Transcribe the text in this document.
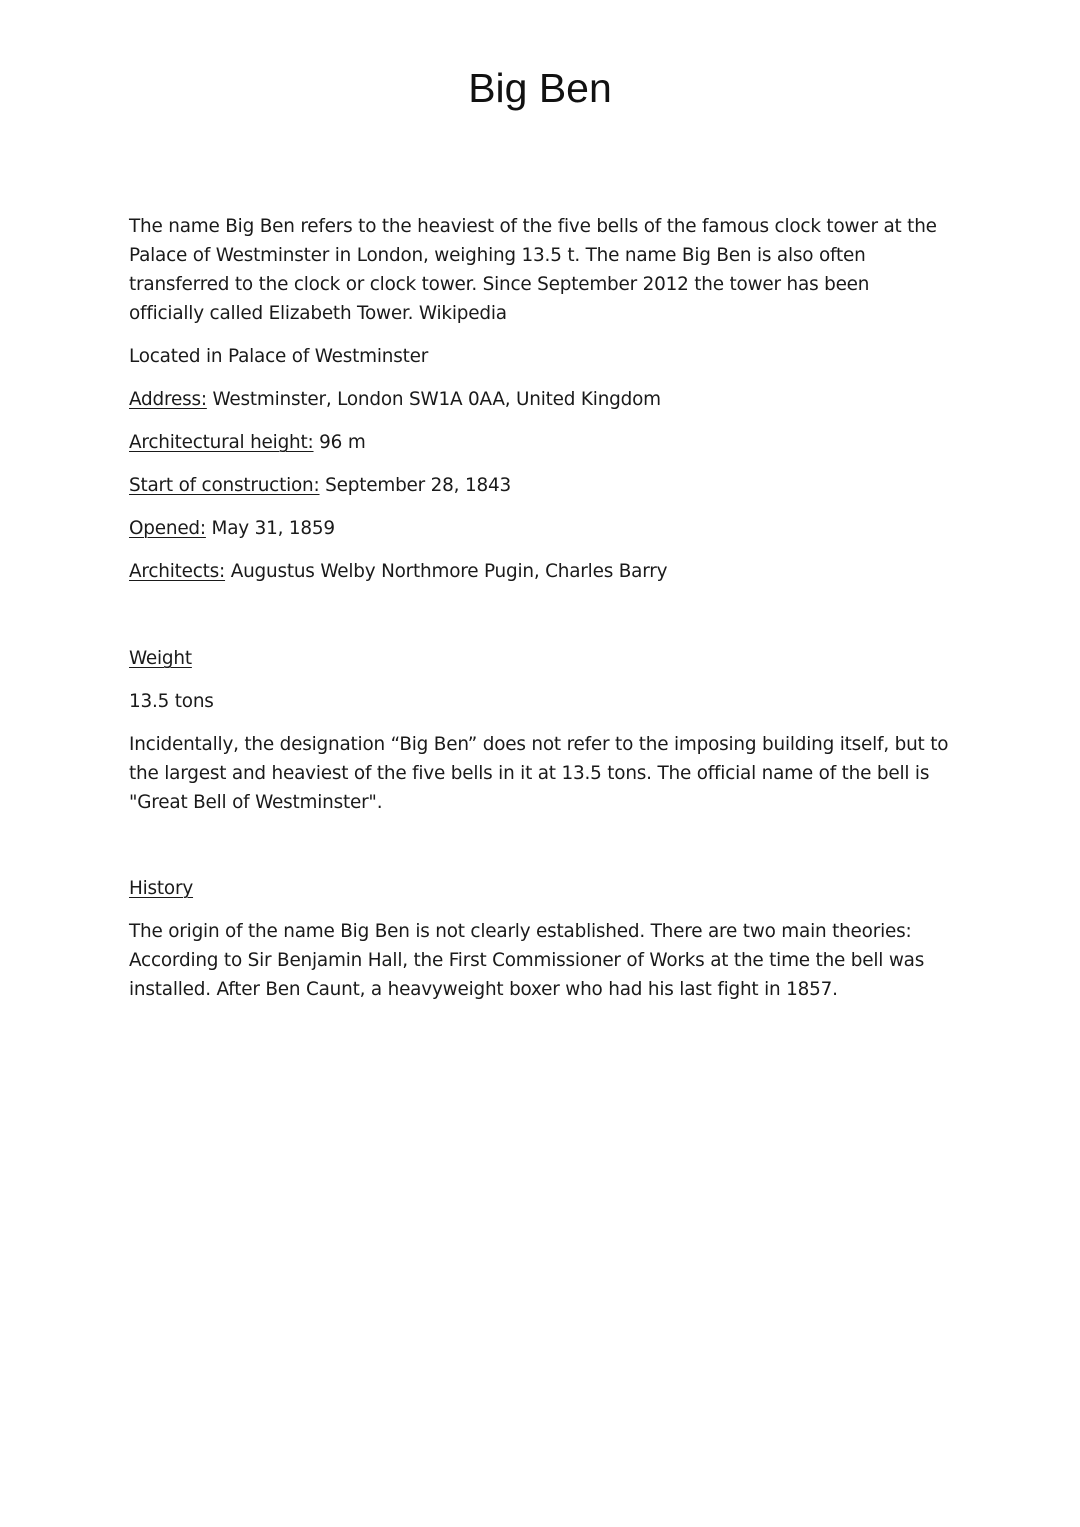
Big Ben

The name Big Ben refers to the heaviest of the five bells of the famous clock tower at the Palace of Westminster in London, weighing 13.5 t. The name Big Ben is also often transferred to the clock or clock tower. Since September 2012 the tower has been officially called Elizabeth Tower. Wikipedia

Located in Palace of Westminster

Address: Westminster, London SW1A 0AA, United Kingdom

Architectural height: 96 m

Start of construction: September 28, 1843

Opened: May 31, 1859

Architects: Augustus Welby Northmore Pugin, Charles Barry

Weight

13.5 tons

Incidentally, the designation “Big Ben” does not refer to the imposing building itself, but to the largest and heaviest of the five bells in it at 13.5 tons. The official name of the bell is "Great Bell of Westminster".

History

The origin of the name Big Ben is not clearly established. There are two main theories: According to Sir Benjamin Hall, the First Commissioner of Works at the time the bell was installed. After Ben Caunt, a heavyweight boxer who had his last fight in 1857.
